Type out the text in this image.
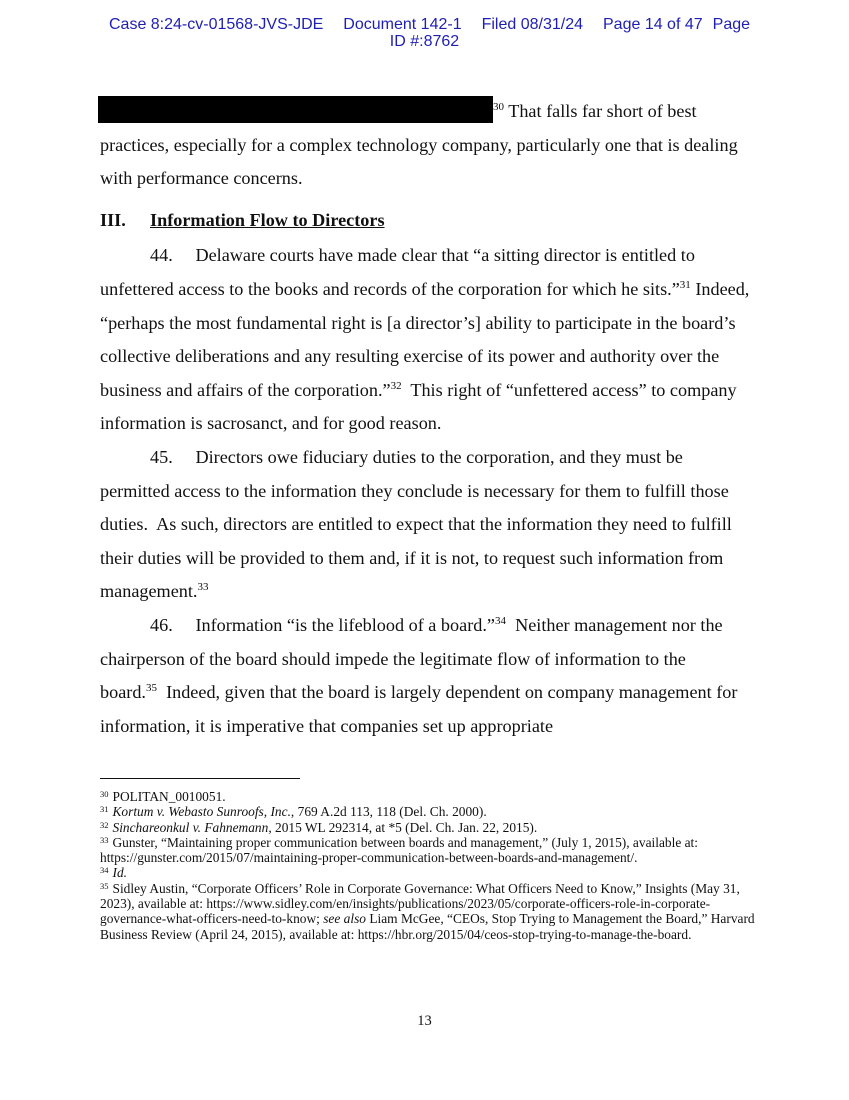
Case 8:24-cv-01568-JVS-JDE Document 142-1 Filed 08/31/24 Page 14 of 47 Page
ID #:8762

$^{30}$ That falls far short of best practices, especially for a complex technology company, particularly one that is dealing with performance concerns.

III. Information Flow to Directors

44.     Delaware courts have made clear that “a sitting director is entitled to unfettered access to the books and records of the corporation for which he sits.”$^{31}$ Indeed, “perhaps the most fundamental right is [a director’s] ability to participate in the board’s collective deliberations and any resulting exercise of its power and authority over the business and affairs of the corporation.”$^{32}$  This right of “unfettered access” to company information is sacrosanct, and for good reason.

45.     Directors owe fiduciary duties to the corporation, and they must be permitted access to the information they conclude is necessary for them to fulfill those duties.  As such, directors are entitled to expect that the information they need to fulfill their duties will be provided to them and, if it is not, to request such information from management.$^{33}$

46.     Information “is the lifeblood of a board.”$^{34}$  Neither management nor the chairperson of the board should impede the legitimate flow of information to the board.$^{35}$  Indeed, given that the board is largely dependent on company management for information, it is imperative that companies set up appropriate

$^{30}$ POLITAN_0010051.

$^{31}$ Kortum v. Webasto Sunroofs, Inc., 769 A.2d 113, 118 (Del. Ch. 2000).

$^{32}$ Sinchareonkul v. Fahnemann, 2015 WL 292314, at *5 (Del. Ch. Jan. 22, 2015).

$^{33}$ Gunster, “Maintaining proper communication between boards and management,” (July 1, 2015), available at: https://gunster.com/2015/07/maintaining-proper-communication-between-boards-and-management/.

$^{34}$ Id.

$^{35}$ Sidley Austin, “Corporate Officers’ Role in Corporate Governance: What Officers Need to Know,” Insights (May 31, 2023), available at: https://www.sidley.com/en/insights/publications/2023/05/corporate-officers-role-in-corporate-governance-what-officers-need-to-know; see also Liam McGee, “CEOs, Stop Trying to Management the Board,” Harvard Business Review (April 24, 2015), available at: https://hbr.org/2015/04/ceos-stop-trying-to-manage-the-board.

13
